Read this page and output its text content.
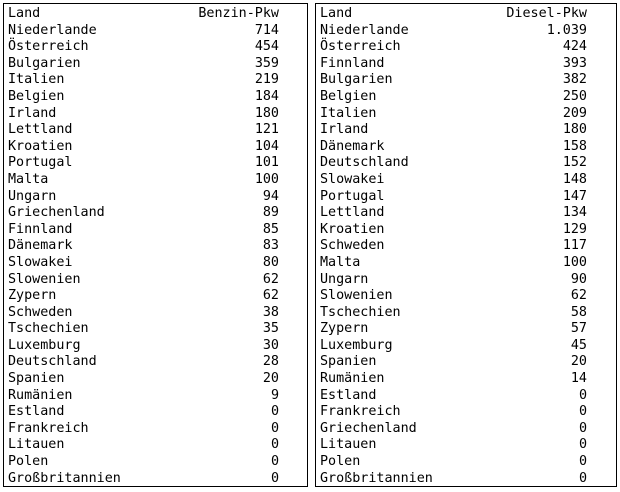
Land	Benzin-Pkw
Niederlande	714
Österreich	454
Bulgarien	359
Italien	219
Belgien	184
Irland	180
Lettland	121
Kroatien	104
Portugal	101
Malta	100
Ungarn	94
Griechenland	89
Finnland	85
Dänemark	83
Slowakei	80
Slowenien	62
Zypern	62
Schweden	38
Tschechien	35
Luxemburg	30
Deutschland	28
Spanien	20
Rumänien	9
Estland	0
Frankreich	0
Litauen	0
Polen	0
Großbritannien	0
Land	Diesel-Pkw
Niederlande	1.039
Österreich	424
Finnland	393
Bulgarien	382
Belgien	250
Italien	209
Irland	180
Dänemark	158
Deutschland	152
Slowakei	148
Portugal	147
Lettland	134
Kroatien	129
Schweden	117
Malta	100
Ungarn	90
Slowenien	62
Tschechien	58
Zypern	57
Luxemburg	45
Spanien	20
Rumänien	14
Estland	0
Frankreich	0
Griechenland	0
Litauen	0
Polen	0
Großbritannien	0
